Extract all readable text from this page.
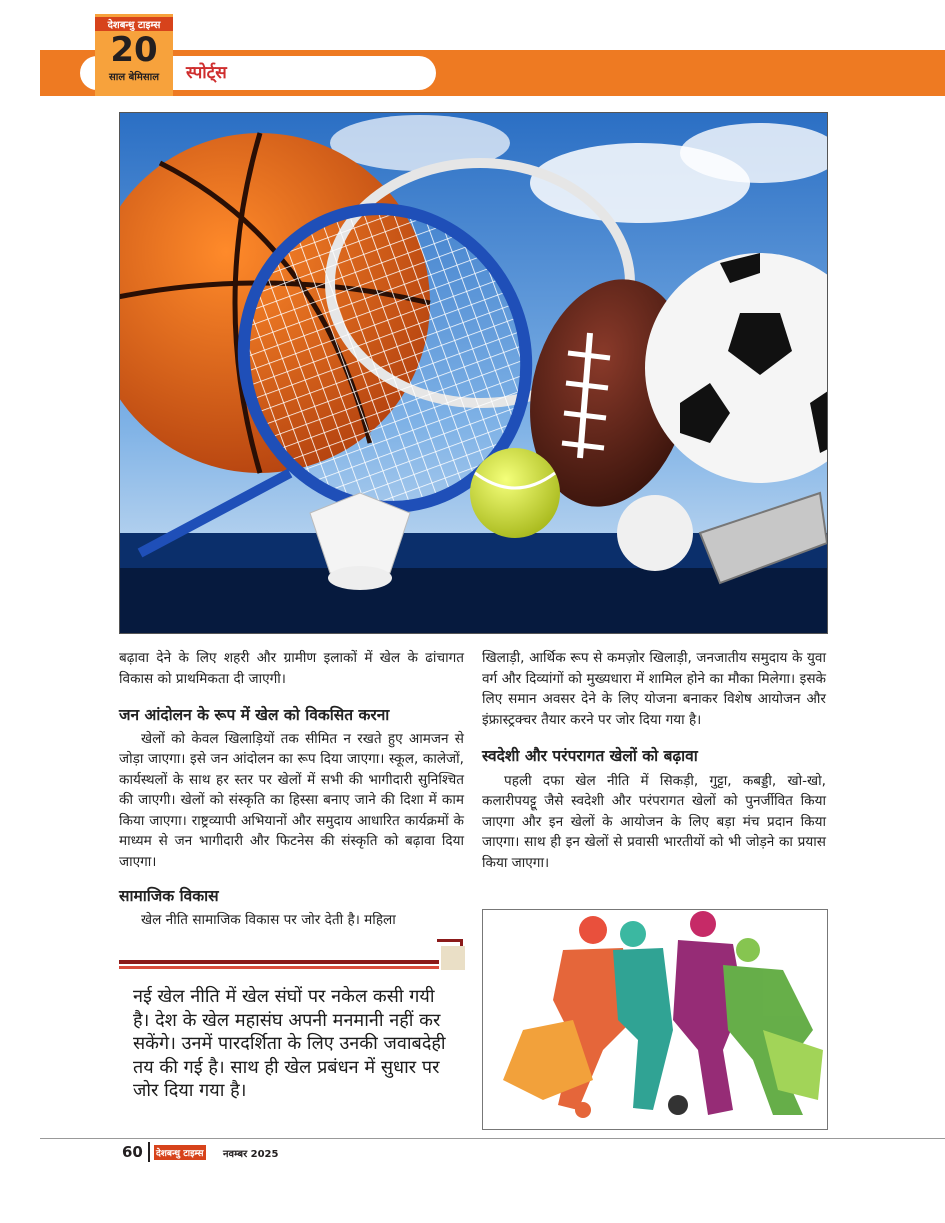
स्पोर्ट्स
देशबन्धु टाइम्स
20
साल बेमिसाल

बढ़ावा देने के लिए शहरी और ग्रामीण इलाकों में खेल के ढांचागत विकास को प्राथमिकता दी जाएगी।

जन आंदोलन के रूप में खेल को विकसित करना

खेलों को केवल खिलाड़ियों तक सीमित न रखते हुए आमजन से जोड़ा जाएगा। इसे जन आंदोलन का रूप दिया जाएगा। स्कूल, कालेजों, कार्यस्थलों के साथ हर स्तर पर खेलों में सभी की भागीदारी सुनिश्चित की जाएगी। खेलों को संस्कृति का हिस्सा बनाए जाने की दिशा में काम किया जाएगा। राष्ट्रव्यापी अभियानों और समुदाय आधारित कार्यक्रमों के माध्यम से जन भागीदारी और फिटनेस की संस्कृति को बढ़ावा दिया जाएगा।

सामाजिक विकास

खेल नीति सामाजिक विकास पर जोर देती है। महिला

नई खेल नीति में खेल संघों पर नकेल कसी गयी है। देश के खेल महासंघ अपनी मनमानी नहीं कर सकेंगे। उनमें पारदर्शिता के लिए उनकी जवाबदेही तय की गई है। साथ ही खेल प्रबंधन में सुधार पर जोर दिया गया है।

खिलाड़ी, आर्थिक रूप से कमज़ोर खिलाड़ी, जनजातीय समुदाय के युवा वर्ग और दिव्यांगों को मुख्यधारा में शामिल होने का मौका मिलेगा। इसके लिए समान अवसर देने के लिए योजना बनाकर विशेष आयोजन और इंफ्रास्ट्रक्चर तैयार करने पर जोर दिया गया है।

स्वदेशी और परंपरागत खेलों को बढ़ावा

पहली दफा खेल नीति में सिकड़ी, गुट्टा, कबड्डी, खो-खो, कलारीपयट्टू जैसे स्वदेशी और परंपरागत खेलों को पुनर्जीवित किया जाएगा और इन खेलों के आयोजन के लिए बड़ा मंच प्रदान किया जाएगा। साथ ही इन खेलों से प्रवासी भारतीयों को भी जोड़ने का प्रयास किया जाएगा।

60 देशबन्धु टाइम्स नवम्बर 2025
